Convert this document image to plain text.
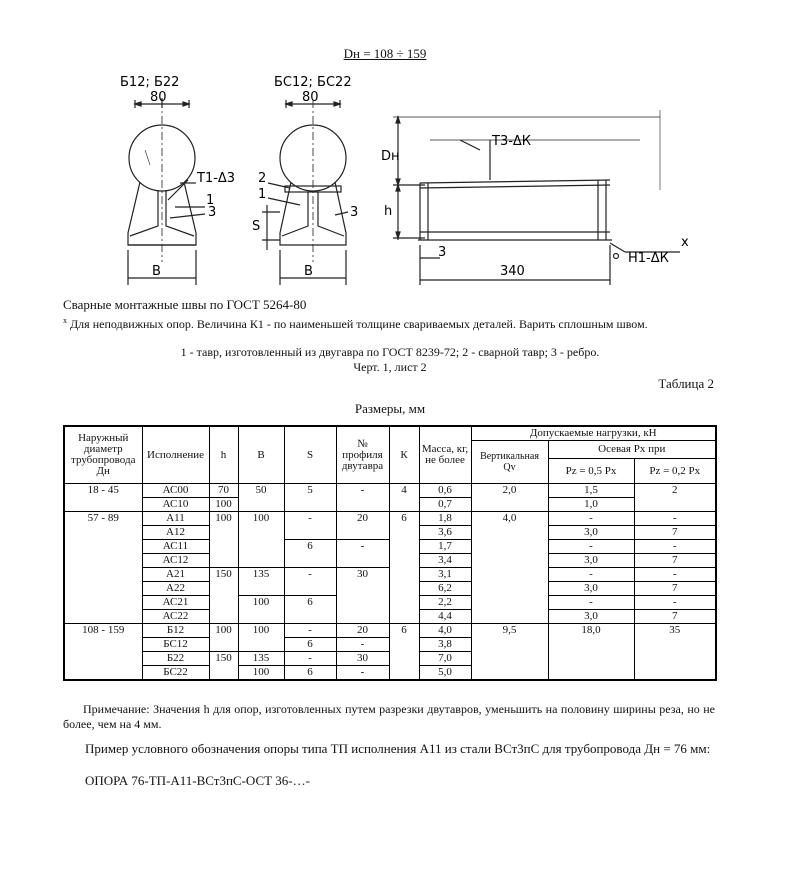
Dн = 108 ÷ 159
Б12; Б22	БС12; БС22
80	80
В	В
Т1-Δ3
1
3
2
1
3
S
Dн
h
Т3-ΔК
3
340
Н1-ΔК
x
Сварные монтажные швы по ГОСТ 5264-80
$^x$ Для неподвижных опор. Величина К1 - по наименьшей толщине свариваемых деталей. Варить сплошным швом.
1 - тавр, изготовленный из двугавра по ГОСТ 8239-72; 2 - сварной тавр; 3 - ребро.
Черт. 1, лист 2
Таблица 2
Размеры, мм
Наружный диаметр трубопровода Дн	Исполнение	h	В	S	№ профиля двутавра	К	Масса, кг, не более	Допускаемые нагрузки, кН		
								Вертикальная Qv	Осевая Рх при	
									Рz = 0,5 Рх	Рz = 0,2 Рх
18 - 45	АС00	70	50	5	-	4	0,6	2,0	1,5	2
	АС10	100					0,7		1,0	
57 - 89	А11	100	100	-	20	6	1,8	4,0	-	-
	А12						3,6		3,0	7
	АС11			6	-		1,7		-	-
	АС12						3,4		3,0	7
	А21	150	135	-	30		3,1		-	-
	А22						6,2		3,0	7
	АС21		100	6			2,2		-	-
	АС22						4,4		3,0	7
108 - 159	Б12	100	100	-	20	6	4,0	9,5	18,0	35
	БС12			6	-		3,8			
	Б22	150	135	-	30		7,0			
	БС22		100	6	-		5,0			
Примечание: Значения h для опор, изготовленных путем разрезки двутавров, уменьшить на половину ширины реза, но не более, чем на 4 мм.
Пример условного обозначения опоры типа ТП исполнения А11 из стали ВСт3пС для трубопровода Дн = 76 мм:
ОПОРА 76-ТП-А11-ВСт3пС-ОСТ 36-…-
